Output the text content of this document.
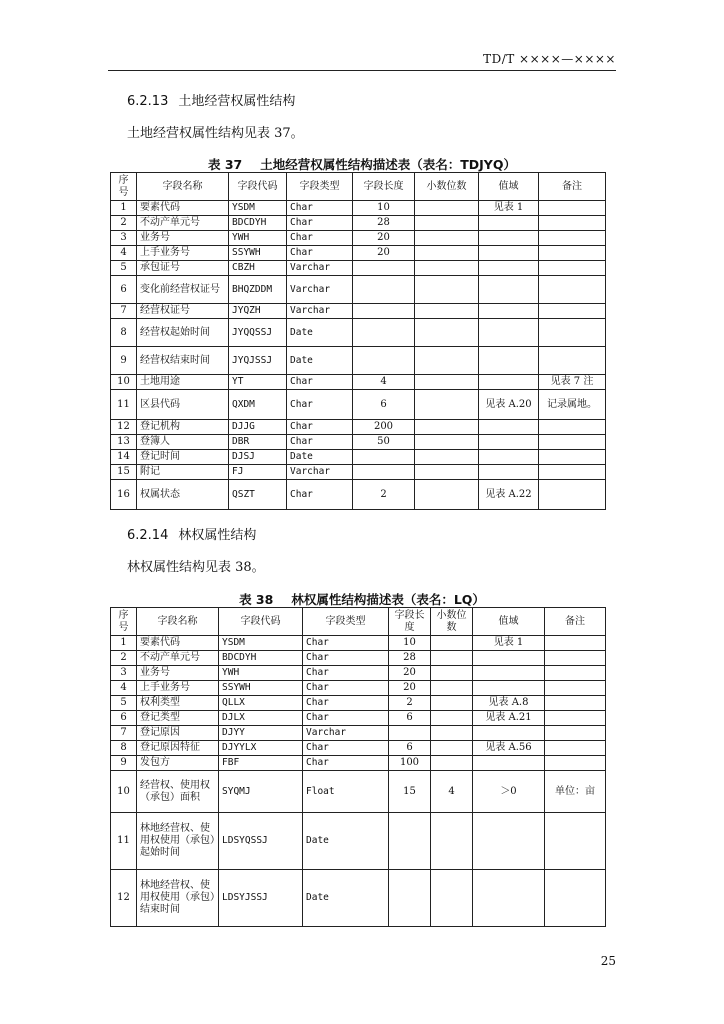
TD/T ××××—××××
6.2.13 土地经营权属性结构
土地经营权属性结构见表 37。
表 37 土地经营权属性结构描述表（表名：TDJYQ）
序号	字段名称	字段代码	字段类型	字段长度	小数位数	值域	备注
1	要素代码	YSDM	Char	10		见表 1	
2	不动产单元号	BDCDYH	Char	28			
3	业务号	YWH	Char	20			
4	上手业务号	SSYWH	Char	20			
5	承包证号	CBZH	Varchar				
6	变化前经营权证号	BHQZDDM	Varchar				
7	经营权证号	JYQZH	Varchar				
8	经营权起始时间	JYQQSSJ	Date				
9	经营权结束时间	JYQJSSJ	Date				
10	土地用途	YT	Char	4			见表 7 注
11	区县代码	QXDM	Char	6		见表 A.20	记录属地。
12	登记机构	DJJG	Char	200			
13	登簿人	DBR	Char	50			
14	登记时间	DJSJ	Date				
15	附记	FJ	Varchar				
16	权属状态	QSZT	Char	2		见表 A.22	
6.2.14 林权属性结构
林权属性结构见表 38。
表 38 林权属性结构描述表（表名：LQ）
序号	字段名称	字段代码	字段类型	字段长度	小数位数	值域	备注
1	要素代码	YSDM	Char	10		见表 1	
2	不动产单元号	BDCDYH	Char	28			
3	业务号	YWH	Char	20			
4	上手业务号	SSYWH	Char	20			
5	权利类型	QLLX	Char	2		见表 A.8	
6	登记类型	DJLX	Char	6		见表 A.21	
7	登记原因	DJYY	Varchar				
8	登记原因特征	DJYYLX	Char	6		见表 A.56	
9	发包方	FBF	Char	100			
10	经营权、使用权（承包）面积	SYQMJ	Float	15	4	＞0	单位：亩
11	林地经营权、使用权使用（承包）起始时间	LDSYQSSJ	Date				
12	林地经营权、使用权使用（承包）结束时间	LDSYJSSJ	Date				
25
